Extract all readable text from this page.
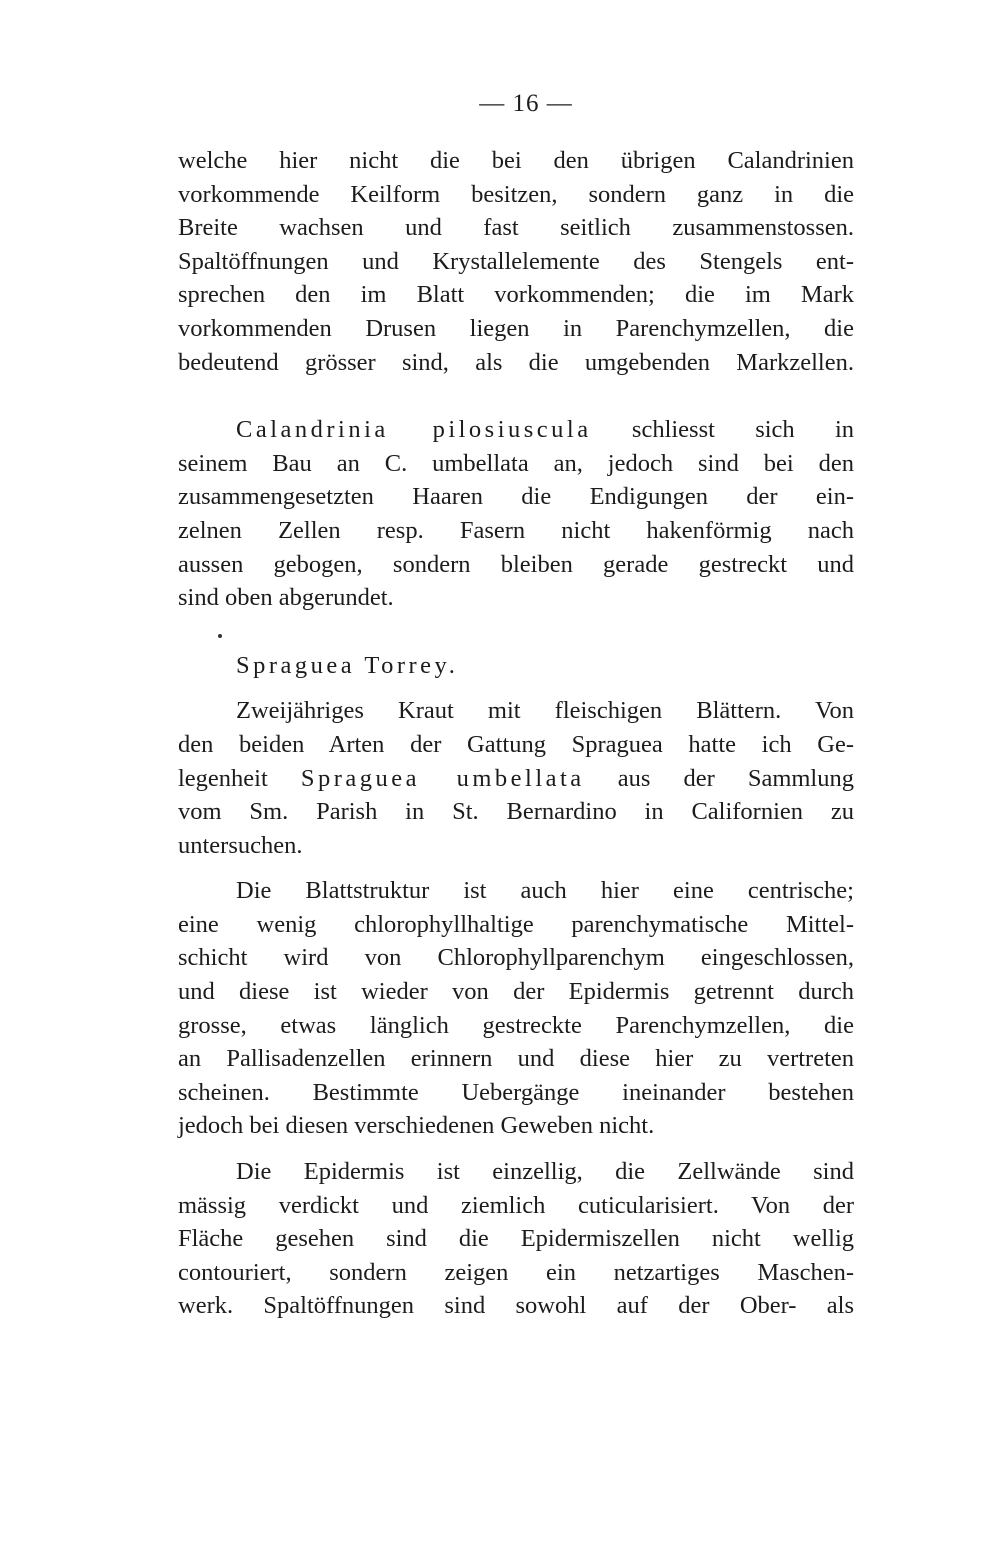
— 16 —
welche hier nicht die bei den übrigen Calandrinien
vorkommende Keilform besitzen, sondern ganz in die
Breite wachsen und fast seitlich zusammenstossen.
Spaltöffnungen und Krystallelemente des Stengels ent-
sprechen den im Blatt vorkommenden; die im Mark
vorkommenden Drusen liegen in Parenchymzellen, die
bedeutend grösser sind, als die umgebenden Markzellen.
Calandrinia pilosiuscula schliesst sich in
seinem Bau an C. umbellata an, jedoch sind bei den
zusammengesetzten Haaren die Endigungen der ein-
zelnen Zellen resp. Fasern nicht hakenförmig nach
aussen gebogen, sondern bleiben gerade gestreckt und
sind oben abgerundet.
Spraguea Torrey.
Zweijähriges Kraut mit fleischigen Blättern. Von
den beiden Arten der Gattung Spraguea hatte ich Ge-
legenheit Spraguea umbellata aus der Sammlung
vom Sm. Parish in St. Bernardino in Californien zu
untersuchen.
Die Blattstruktur ist auch hier eine centrische;
eine wenig chlorophyllhaltige parenchymatische Mittel-
schicht wird von Chlorophyllparenchym eingeschlossen,
und diese ist wieder von der Epidermis getrennt durch
grosse, etwas länglich gestreckte Parenchymzellen, die
an Pallisadenzellen erinnern und diese hier zu vertreten
scheinen. Bestimmte Uebergänge ineinander bestehen
jedoch bei diesen verschiedenen Geweben nicht.
Die Epidermis ist einzellig, die Zellwände sind
mässig verdickt und ziemlich cuticularisiert. Von der
Fläche gesehen sind die Epidermiszellen nicht wellig
contouriert, sondern zeigen ein netzartiges Maschen-
werk. Spaltöffnungen sind sowohl auf der Ober- als
